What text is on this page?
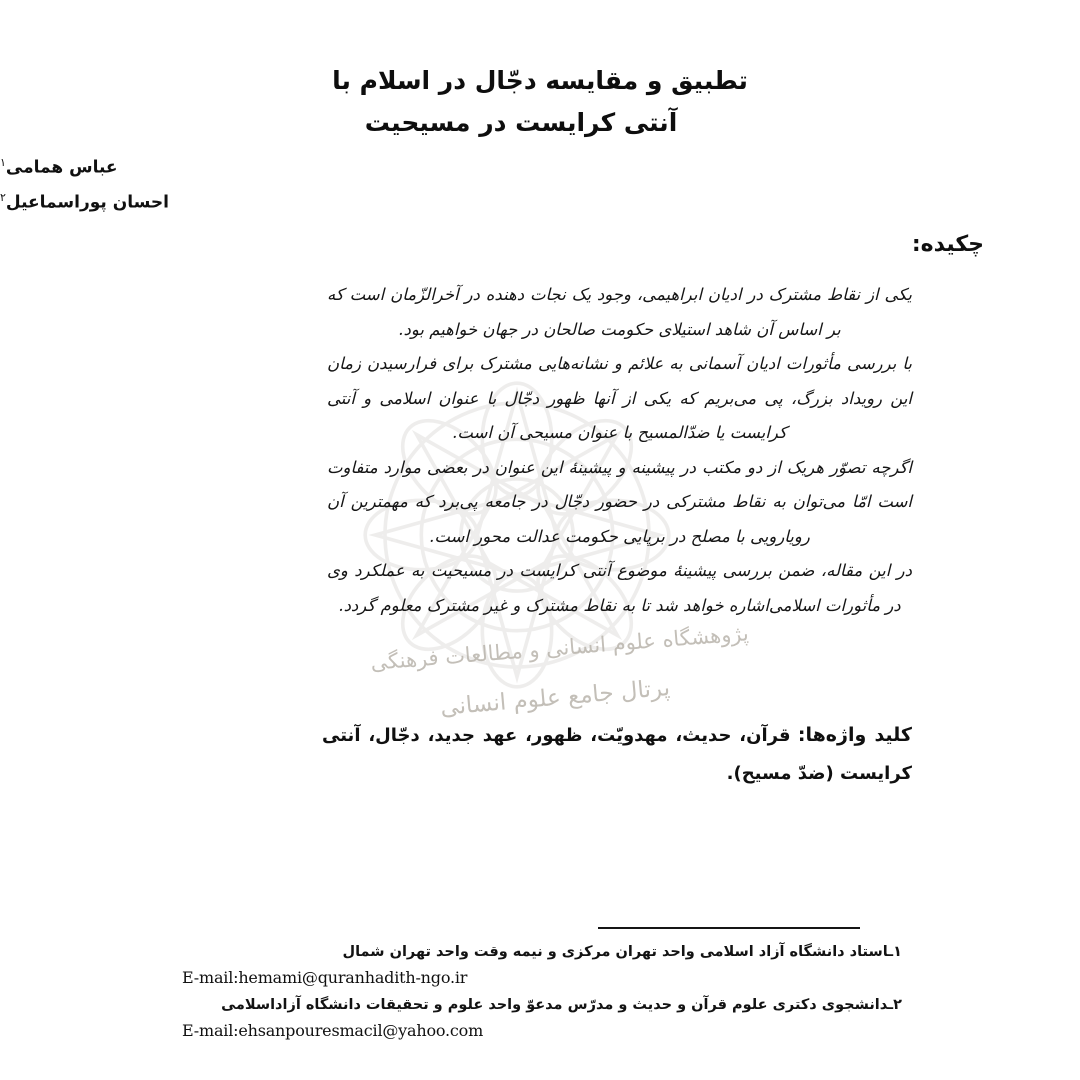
پژوهشگاه علوم انسانی و مطالعات فرهنگی
پرتال جامع علوم انسانی
تطبیق و مقایسه دجّال در اسلام با
آنتی کرایست در مسیحیت
عباس همامی$^۱$
احسان پوراسماعیل$^۲$
چکیده:

یکی از نقاط مشترک در ادیان ابراهیمی، وجود یک نجات دهنده در آخرالزّمان است که بر اساس آن شاهد استیلای حکومت صالحان در جهان خواهیم بود.

با بررسی مأثورات ادیان آسمانی به علائم و نشانه‌هایی مشترک برای فرارسیدن زمان این رویداد بزرگ، پی می‌بریم که یکی از آنها ظهور دجّال با عنوان اسلامی و آنتی کرایست یا ضدّالمسیح با عنوان مسیحی آن است.

اگرچه تصوّر هریک از دو مکتب در پیشینه و پیشینهٔ این عنوان در بعضی موارد متفاوت است امّا می‌توان به نقاط مشترکی در حضور دجّال در جامعه پی‌برد که مهمترین آن رویارویی با مصلح در برپایی حکومت عدالت محور است.

در این مقاله، ضمن بررسی پیشینهٔ موضوع آنتی کرایست در مسیحیت به عملکرد وی در مأثورات اسلامی‌اشاره خواهد شد تا به نقاط مشترک و غیر مشترک معلوم گردد.

کلید واژه‌ها: قرآن، حدیث، مهدویّت، ظهور، عهد جدید، دجّال، آنتی کرایست (ضدّ مسیح).
۱ـاستاد دانشگاه آزاد اسلامی واحد تهران مرکزی و نیمه وقت واحد تهران شمال
E-mail:hemami@quranhadith-ngo.ir
۲ـدانشجوی دکتری علوم قرآن و حدیث و مدرّس مدعوّ واحد علوم و تحقیقات دانشگاه آزاداسلامی
E-mail:ehsanpouresmacil@yahoo.com
